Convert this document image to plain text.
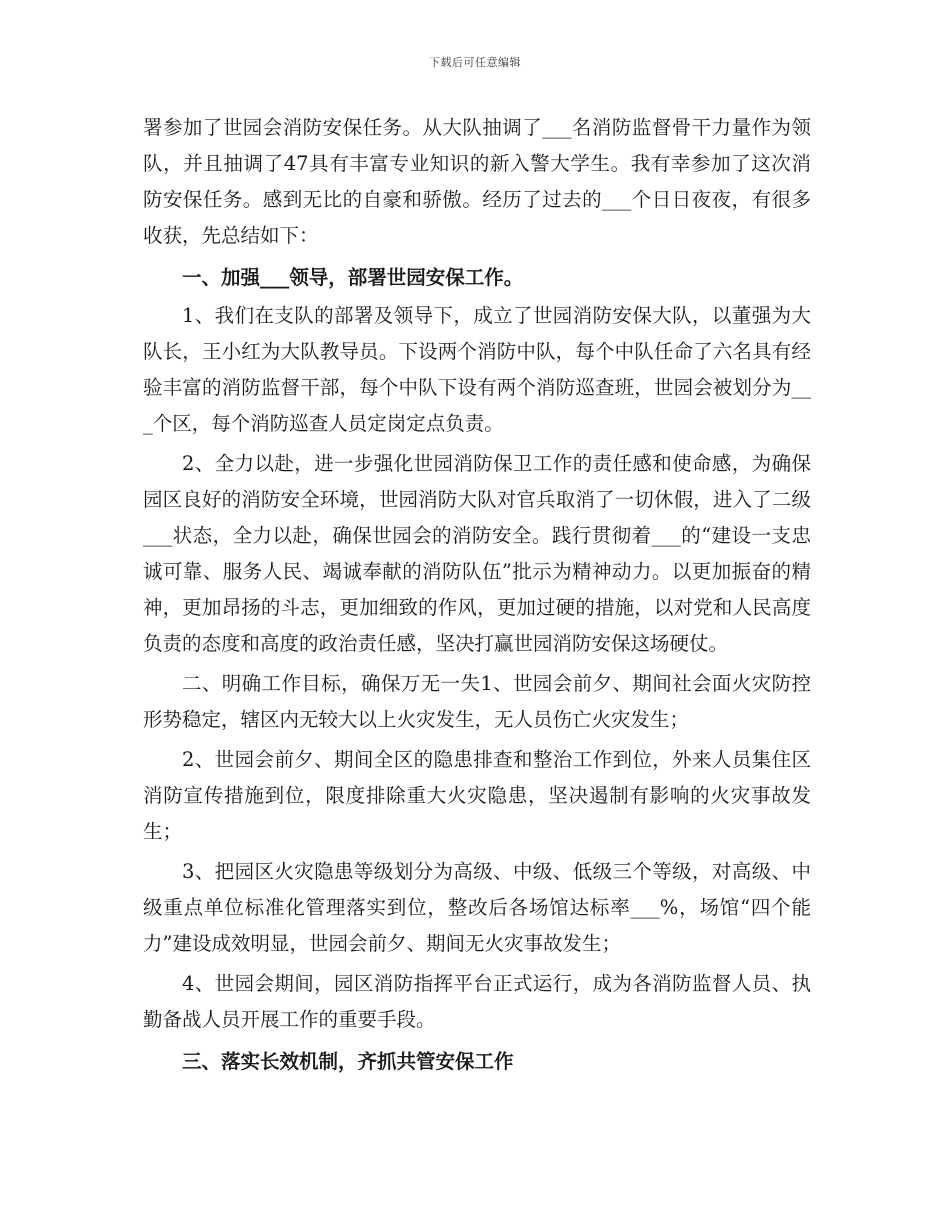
下载后可任意编辑

署参加了世园会消防安保任务。从大队抽调了___名消防监督骨干力量作为领队，并且抽调了47具有丰富专业知识的新入警大学生。我有幸参加了这次消防安保任务。感到无比的自豪和骄傲。经历了过去的___个日日夜夜，有很多收获，先总结如下：

一、加强___领导，部署世园安保工作。

1、我们在支队的部署及领导下，成立了世园消防安保大队，以董强为大队长，王小红为大队教导员。下设两个消防中队，每个中队任命了六名具有经验丰富的消防监督干部，每个中队下设有两个消防巡查班，世园会被划分为___个区，每个消防巡查人员定岗定点负责。

2、全力以赴，进一步强化世园消防保卫工作的责任感和使命感，为确保园区良好的消防安全环境，世园消防大队对官兵取消了一切休假，进入了二级___状态，全力以赴，确保世园会的消防安全。践行贯彻着___的“建设一支忠诚可靠、服务人民、竭诚奉献的消防队伍”批示为精神动力。以更加振奋的精神，更加昂扬的斗志，更加细致的作风，更加过硬的措施，以对党和人民高度负责的态度和高度的政治责任感，坚决打赢世园消防安保这场硬仗。

二、明确工作目标，确保万无一失1、世园会前夕、期间社会面火灾防控形势稳定，辖区内无较大以上火灾发生，无人员伤亡火灾发生；

2、世园会前夕、期间全区的隐患排查和整治工作到位，外来人员集住区消防宣传措施到位，限度排除重大火灾隐患，坚决遏制有影响的火灾事故发生；

3、把园区火灾隐患等级划分为高级、中级、低级三个等级，对高级、中级重点单位标准化管理落实到位，整改后各场馆达标率___%，场馆“四个能力”建设成效明显，世园会前夕、期间无火灾事故发生；

4、世园会期间，园区消防指挥平台正式运行，成为各消防监督人员、执勤备战人员开展工作的重要手段。

三、落实长效机制，齐抓共管安保工作
